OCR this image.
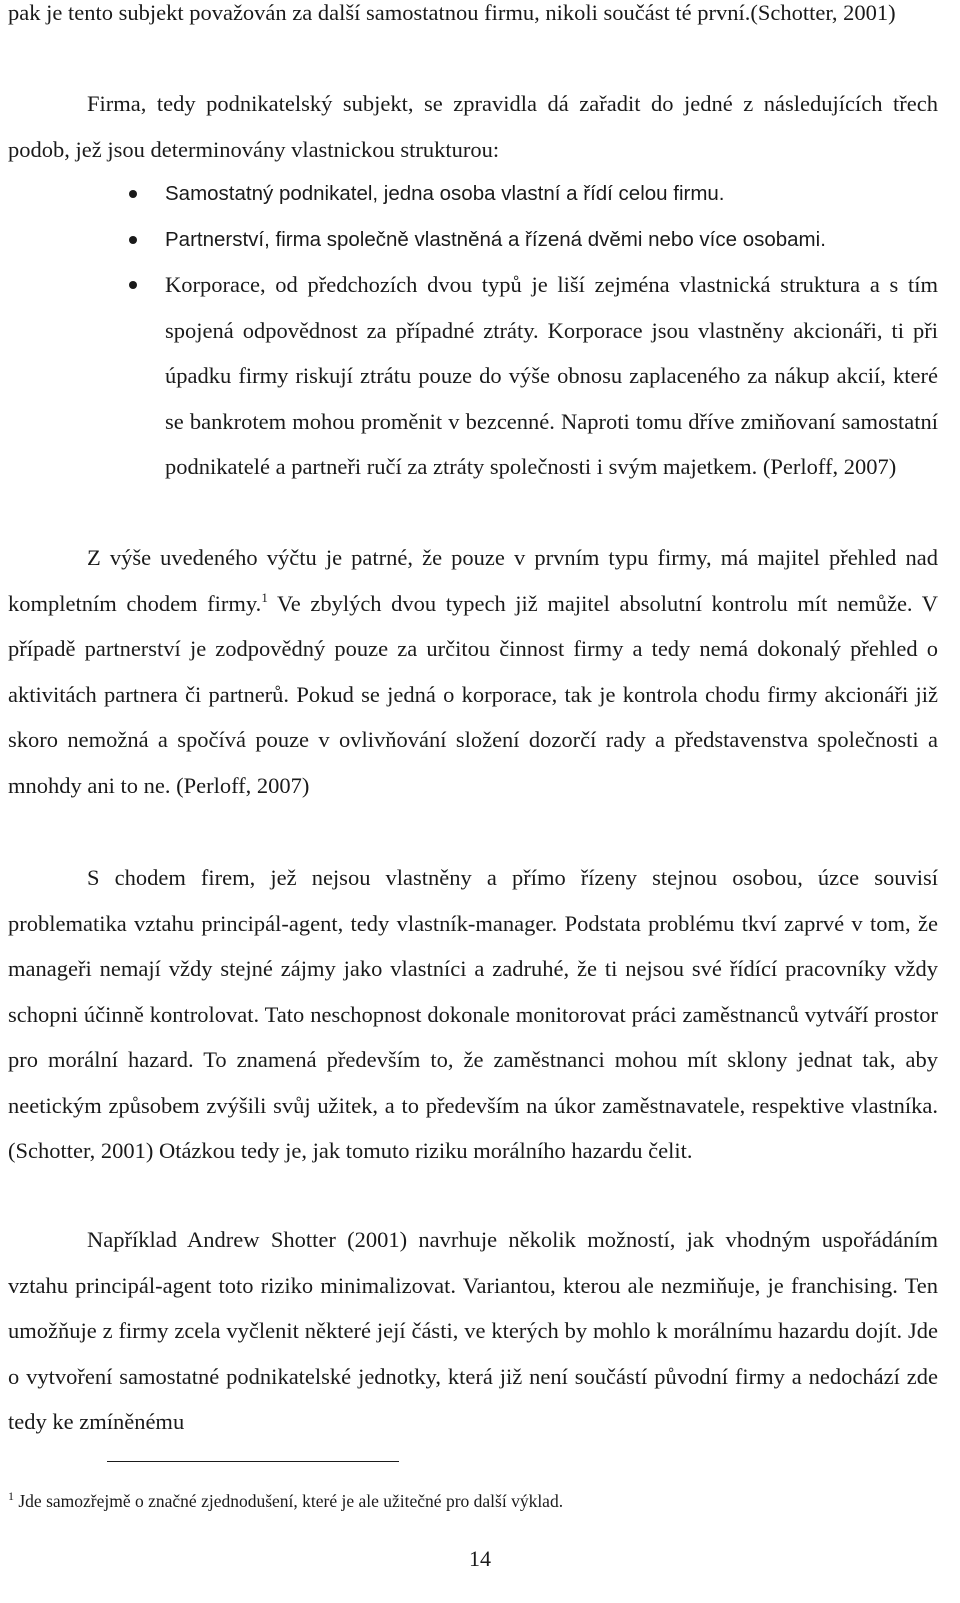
pak je tento subjekt považován za další samostatnou firmu, nikoli součást té první.(Schotter, 2001)

Firma, tedy podnikatelský subjekt, se zpravidla dá zařadit do jedné z následujících třech podob, jež jsou determinovány vlastnickou strukturou:

Samostatný podnikatel, jedna osoba vlastní a řídí celou firmu.
Partnerství, firma společně vlastněná a řízená dvěmi nebo více osobami.
Korporace, od předchozích dvou typů je liší zejména vlastnická struktura a s tím spojená odpovědnost za případné ztráty. Korporace jsou vlastněny akcionáři, ti při úpadku firmy riskují ztrátu pouze do výše obnosu zaplaceného za nákup akcií, které se bankrotem mohou proměnit v bezcenné. Naproti tomu dříve zmiňovaní samostatní podnikatelé a partneři ručí za ztráty společnosti i svým majetkem. (Perloff, 2007)

Z výše uvedeného výčtu je patrné, že pouze v prvním typu firmy, má majitel přehled nad kompletním chodem firmy.$^1$ Ve zbylých dvou typech již majitel absolutní kontrolu mít nemůže. V případě partnerství je zodpovědný pouze za určitou činnost firmy a tedy nemá dokonalý přehled o aktivitách partnera či partnerů. Pokud se jedná o korporace, tak je kontrola chodu firmy akcionáři již skoro nemožná a spočívá pouze v ovlivňování složení dozorčí rady a představenstva společnosti a mnohdy ani to ne. (Perloff, 2007)

S chodem firem, jež nejsou vlastněny a přímo řízeny stejnou osobou, úzce souvisí problematika vztahu principál-agent, tedy vlastník-manager. Podstata problému tkví zaprvé v tom, že manageři nemají vždy stejné zájmy jako vlastníci a zadruhé, že ti nejsou své řídící pracovníky vždy schopni účinně kontrolovat. Tato neschopnost dokonale monitorovat práci zaměstnanců vytváří prostor pro morální hazard. To znamená především to, že zaměstnanci mohou mít sklony jednat tak, aby neetickým způsobem zvýšili svůj užitek, a to především na úkor zaměstnavatele, respektive vlastníka. (Schotter, 2001) Otázkou tedy je, jak tomuto riziku morálního hazardu čelit.

Například Andrew Shotter (2001) navrhuje několik možností, jak vhodným uspořádáním vztahu principál-agent toto riziko minimalizovat. Variantou, kterou ale nezmiňuje, je franchising. Ten umožňuje z firmy zcela vyčlenit některé její části, ve kterých by mohlo k morálnímu hazardu dojít. Jde o vytvoření samostatné podnikatelské jednotky, která již není součástí původní firmy a nedochází zde tedy ke zmíněnému

$^1$ Jde samozřejmě o značné zjednodušení, které je ale užitečné pro další výklad.
14
